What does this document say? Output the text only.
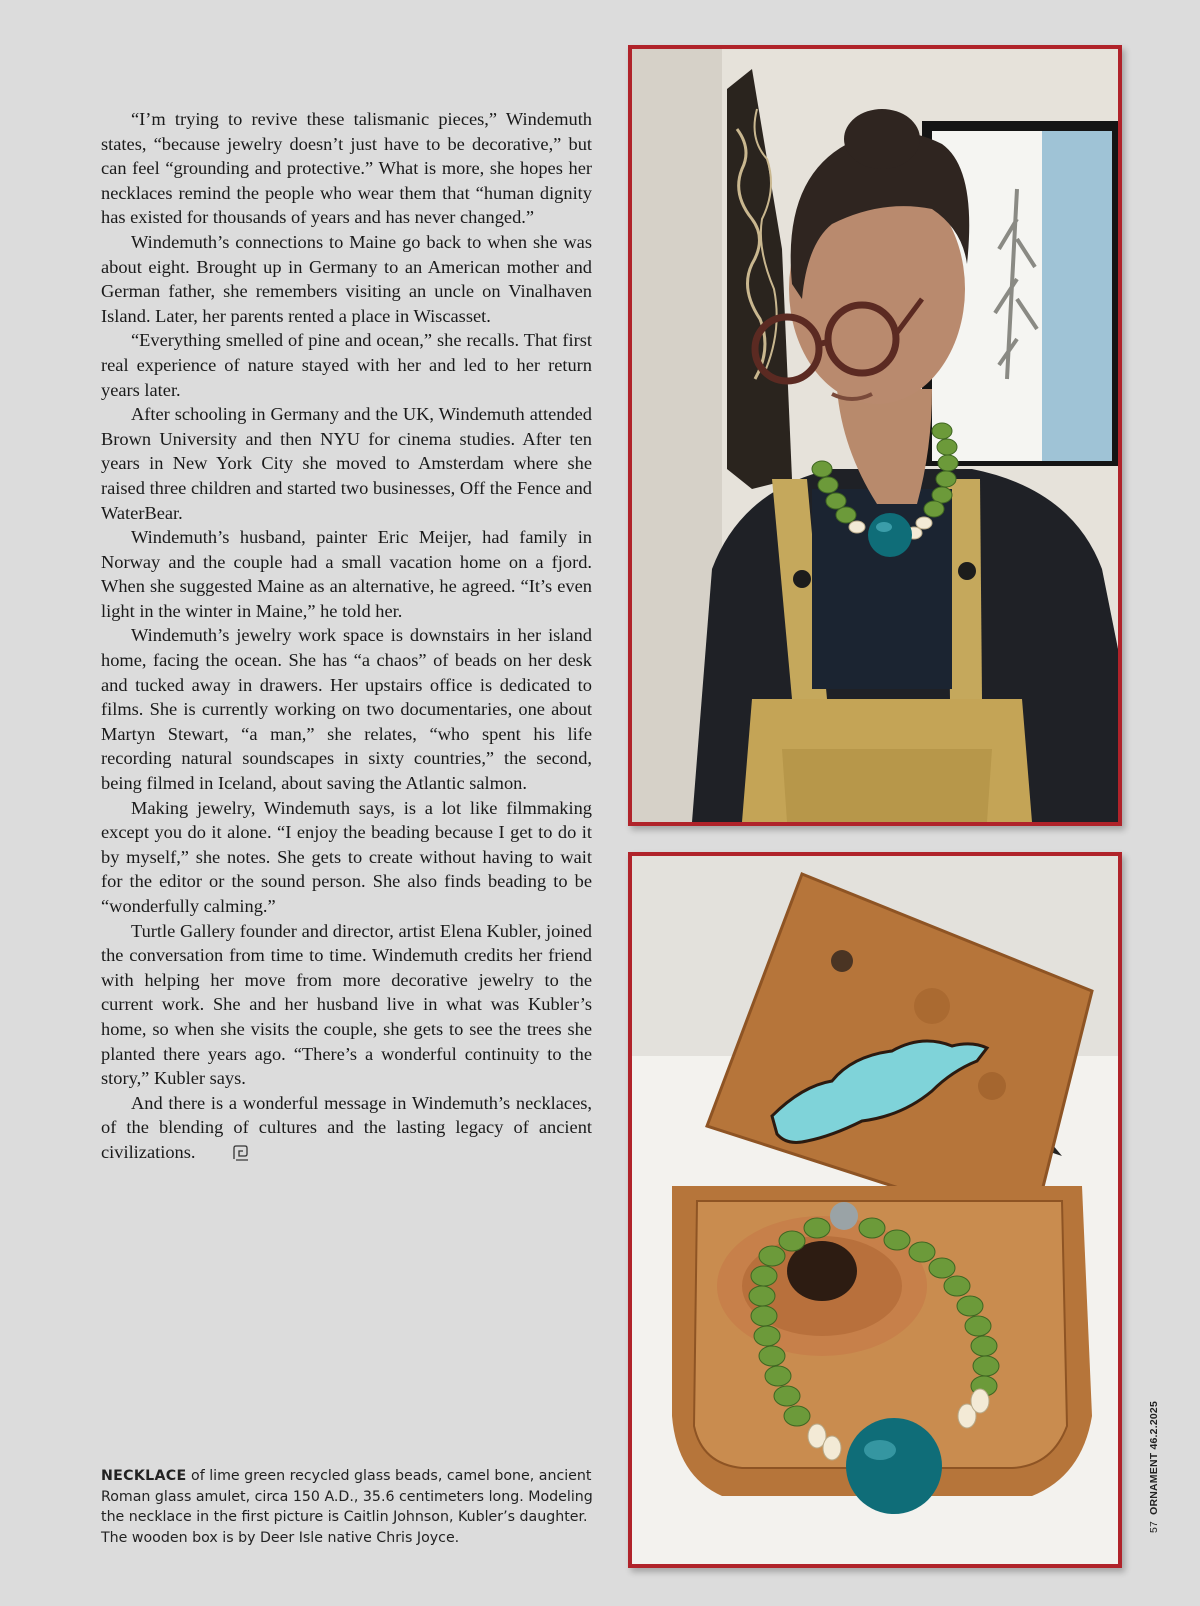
“I’m trying to revive these talismanic pieces,” Windemuth states, “because jewelry doesn’t just have to be decorative,” but can feel “grounding and protective.” What is more, she hopes her necklaces remind the people who wear them that “human dignity has existed for thousands of years and has never changed.”

Windemuth’s connections to Maine go back to when she was about eight. Brought up in Germany to an American mother and German father, she remembers visiting an uncle on Vinalhaven Island. Later, her parents rented a place in Wiscasset.

“Everything smelled of pine and ocean,” she recalls. That first real experience of nature stayed with her and led to her return years later.

After schooling in Germany and the UK, Windemuth attended Brown University and then NYU for cinema studies. After ten years in New York City she moved to Amsterdam where she raised three children and started two businesses, Off the Fence and WaterBear.

Windemuth’s husband, painter Eric Meijer, had family in Norway and the couple had a small vacation home on a fjord. When she suggested Maine as an alternative, he agreed. “It’s even light in the winter in Maine,” he told her.

Windemuth’s jewelry work space is downstairs in her island home, facing the ocean. She has “a chaos” of beads on her desk and tucked away in drawers. Her upstairs office is dedicated to films. She is currently working on two documentaries, one about Martyn Stewart, “a man,” she relates, “who spent his life recording natural soundscapes in sixty countries,” the second, being filmed in Iceland, about saving the Atlantic salmon.

Making jewelry, Windemuth says, is a lot like filmmaking except you do it alone. “I enjoy the beading because I get to do it by myself,” she notes. She gets to create without having to wait for the editor or the sound person. She also finds beading to be “wonderfully calming.”

Turtle Gallery founder and director, artist Elena Kubler, joined the conversation from time to time. Windemuth credits her friend with helping her move from more decorative jewelry to the current work. She and her husband live in what was Kubler’s home, so when she visits the couple, she gets to see the trees she planted there years ago. “There’s a wonderful continuity to the story,” Kubler says.

And there is a wonderful message in Windemuth’s necklaces, of the blending of cultures and the lasting legacy of ancient civilizations.

NECKLACE of lime green recycled glass beads, camel bone, ancient Roman glass amulet, circa 150 A.D., 35.6 centimeters long. Modeling the necklace in the first picture is Caitlin Johnson, Kubler’s daughter. The wooden box is by Deer Isle native Chris Joyce.
57ORNAMENT 46.2.2025
